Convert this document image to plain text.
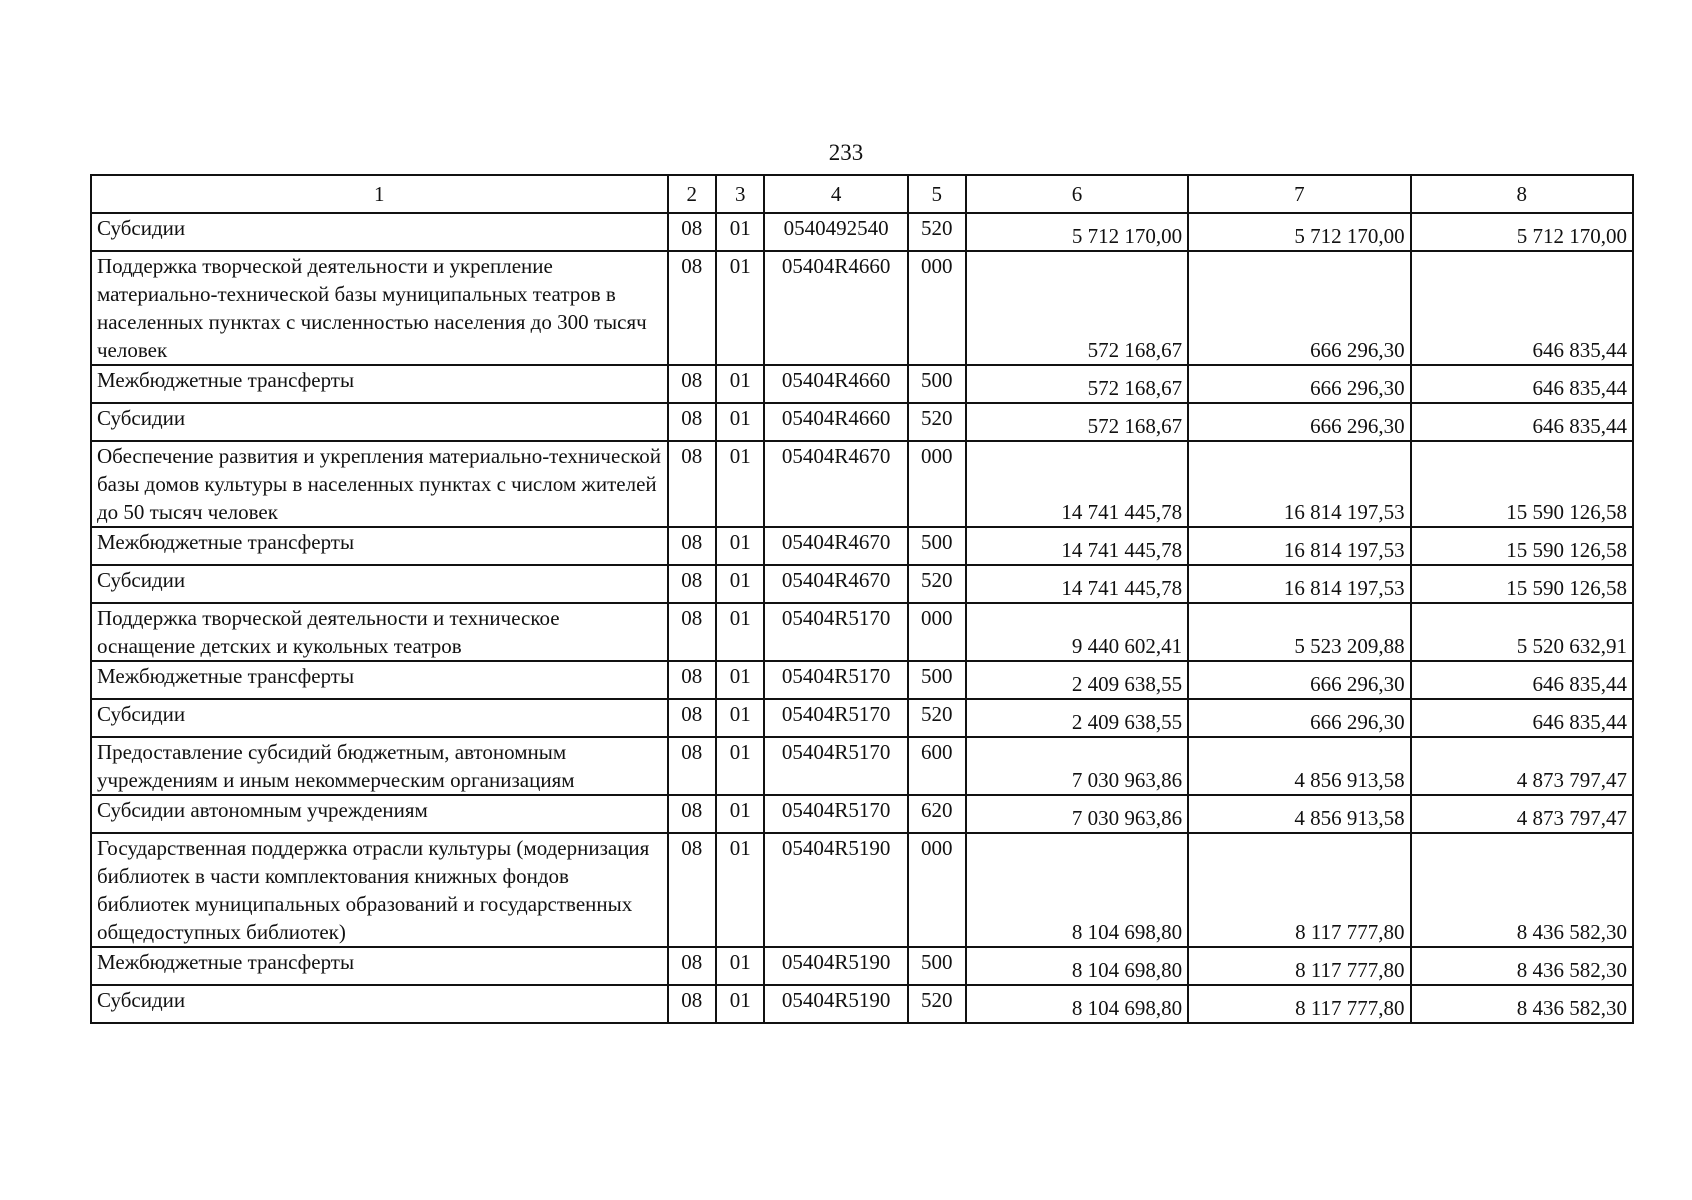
233
1	2	3	4	5	6	7	8
Субсидии	08	01	0540492540	520	5 712 170,00	5 712 170,00	5 712 170,00
Поддержка творческой деятельности и укрепление материально-технической базы муниципальных театров в населенных пунктах с численностью населения до 300 тысяч человек	08	01	05404R4660	000	572 168,67	666 296,30	646 835,44
Межбюджетные трансферты	08	01	05404R4660	500	572 168,67	666 296,30	646 835,44
Субсидии	08	01	05404R4660	520	572 168,67	666 296,30	646 835,44
Обеспечение развития и укрепления материально-технической базы домов культуры в населенных пунктах с числом жителей до 50 тысяч человек	08	01	05404R4670	000	14 741 445,78	16 814 197,53	15 590 126,58
Межбюджетные трансферты	08	01	05404R4670	500	14 741 445,78	16 814 197,53	15 590 126,58
Субсидии	08	01	05404R4670	520	14 741 445,78	16 814 197,53	15 590 126,58
Поддержка творческой деятельности и техническое оснащение детских и кукольных театров	08	01	05404R5170	000	9 440 602,41	5 523 209,88	5 520 632,91
Межбюджетные трансферты	08	01	05404R5170	500	2 409 638,55	666 296,30	646 835,44
Субсидии	08	01	05404R5170	520	2 409 638,55	666 296,30	646 835,44
Предоставление субсидий бюджетным, автономным учреждениям и иным некоммерческим организациям	08	01	05404R5170	600	7 030 963,86	4 856 913,58	4 873 797,47
Субсидии автономным учреждениям	08	01	05404R5170	620	7 030 963,86	4 856 913,58	4 873 797,47
Государственная поддержка отрасли культуры (модернизация библиотек в части комплектования книжных фондов библиотек муниципальных образований и государственных общедоступных библиотек)	08	01	05404R5190	000	8 104 698,80	8 117 777,80	8 436 582,30
Межбюджетные трансферты	08	01	05404R5190	500	8 104 698,80	8 117 777,80	8 436 582,30
Субсидии	08	01	05404R5190	520	8 104 698,80	8 117 777,80	8 436 582,30
